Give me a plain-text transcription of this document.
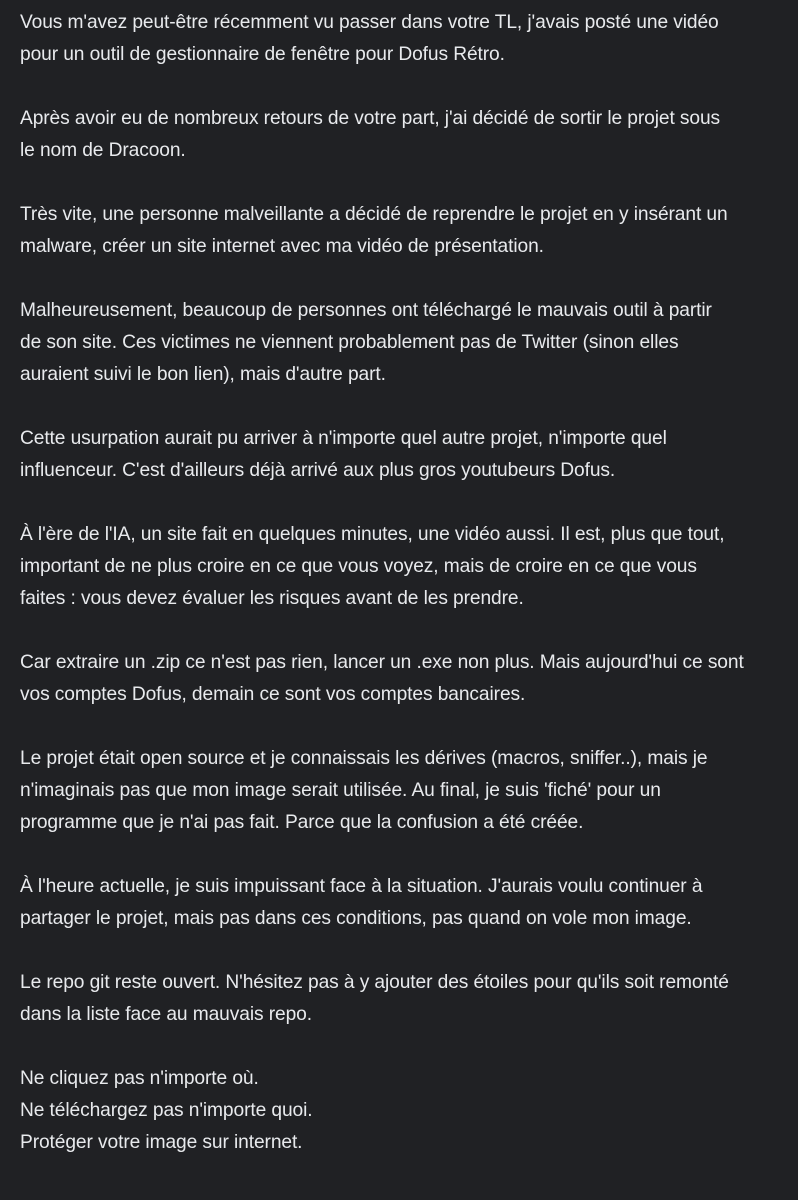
Vous m'avez peut-être récemment vu passer dans votre TL, j'avais posté une vidéo
pour un outil de gestionnaire de fenêtre pour Dofus Rétro.

Après avoir eu de nombreux retours de votre part, j'ai décidé de sortir le projet sous
le nom de Dracoon.

Très vite, une personne malveillante a décidé de reprendre le projet en y insérant un
malware, créer un site internet avec ma vidéo de présentation.

Malheureusement, beaucoup de personnes ont téléchargé le mauvais outil à partir
de son site. Ces victimes ne viennent probablement pas de Twitter (sinon elles
auraient suivi le bon lien), mais d'autre part.

Cette usurpation aurait pu arriver à n'importe quel autre projet, n'importe quel
influenceur. C'est d'ailleurs déjà arrivé aux plus gros youtubeurs Dofus.

À l'ère de l'IA, un site fait en quelques minutes, une vidéo aussi. Il est, plus que tout,
important de ne plus croire en ce que vous voyez, mais de croire en ce que vous
faites : vous devez évaluer les risques avant de les prendre.

Car extraire un .zip ce n'est pas rien, lancer un .exe non plus. Mais aujourd'hui ce sont
vos comptes Dofus, demain ce sont vos comptes bancaires.

Le projet était open source et je connaissais les dérives (macros, sniffer..), mais je
n'imaginais pas que mon image serait utilisée. Au final, je suis 'fiché' pour un
programme que je n'ai pas fait. Parce que la confusion a été créée.

À l'heure actuelle, je suis impuissant face à la situation. J'aurais voulu continuer à
partager le projet, mais pas dans ces conditions, pas quand on vole mon image.

Le repo git reste ouvert. N'hésitez pas à y ajouter des étoiles pour qu'ils soit remonté
dans la liste face au mauvais repo.

Ne cliquez pas n'importe où.
Ne téléchargez pas n'importe quoi.
Protéger votre image sur internet.
